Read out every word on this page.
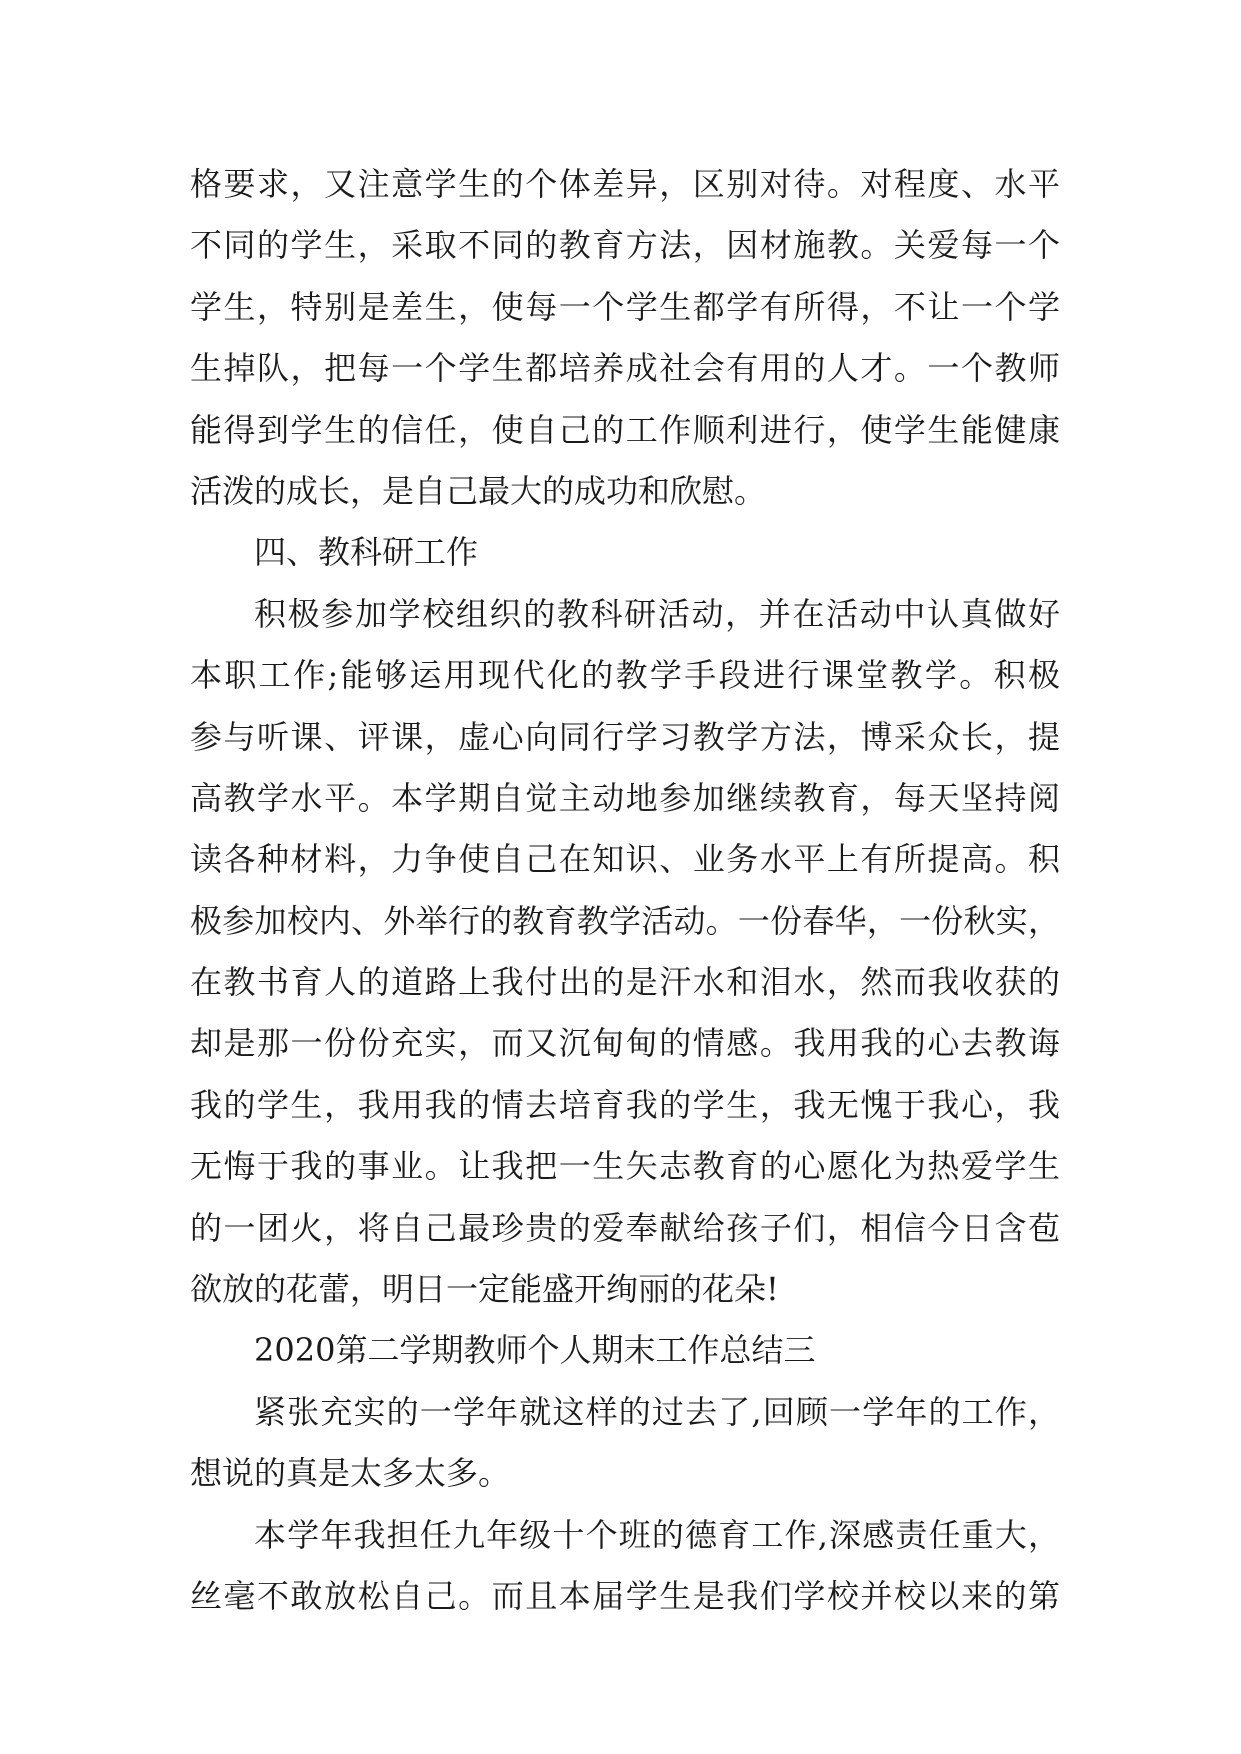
格要求，又注意学生的个体差异，区别对待。对程度、水平
不同的学生，采取不同的教育方法，因材施教。关爱每一个
学生，特别是差生，使每一个学生都学有所得，不让一个学
生掉队，把每一个学生都培养成社会有用的人才。一个教师
能得到学生的信任，使自己的工作顺利进行，使学生能健康
活泼的成长，是自己最大的成功和欣慰。
四、教科研工作
积极参加学校组织的教科研活动，并在活动中认真做好
本职工作;能够运用现代化的教学手段进行课堂教学。积极
参与听课、评课，虚心向同行学习教学方法，博采众长，提
高教学水平。本学期自觉主动地参加继续教育，每天坚持阅
读各种材料，力争使自己在知识、业务水平上有所提高。积
极参加校内、外举行的教育教学活动。一份春华，一份秋实，
在教书育人的道路上我付出的是汗水和泪水，然而我收获的
却是那一份份充实，而又沉甸甸的情感。我用我的心去教诲
我的学生，我用我的情去培育我的学生，我无愧于我心，我
无悔于我的事业。让我把一生矢志教育的心愿化为热爱学生
的一团火，将自己最珍贵的爱奉献给孩子们，相信今日含苞
欲放的花蕾，明日一定能盛开绚丽的花朵!
2020第二学期教师个人期末工作总结三
紧张充实的一学年就这样的过去了,回顾一学年的工作，
想说的真是太多太多。
本学年我担任九年级十个班的德育工作,深感责任重大，
丝毫不敢放松自己。而且本届学生是我们学校并校以来的第
